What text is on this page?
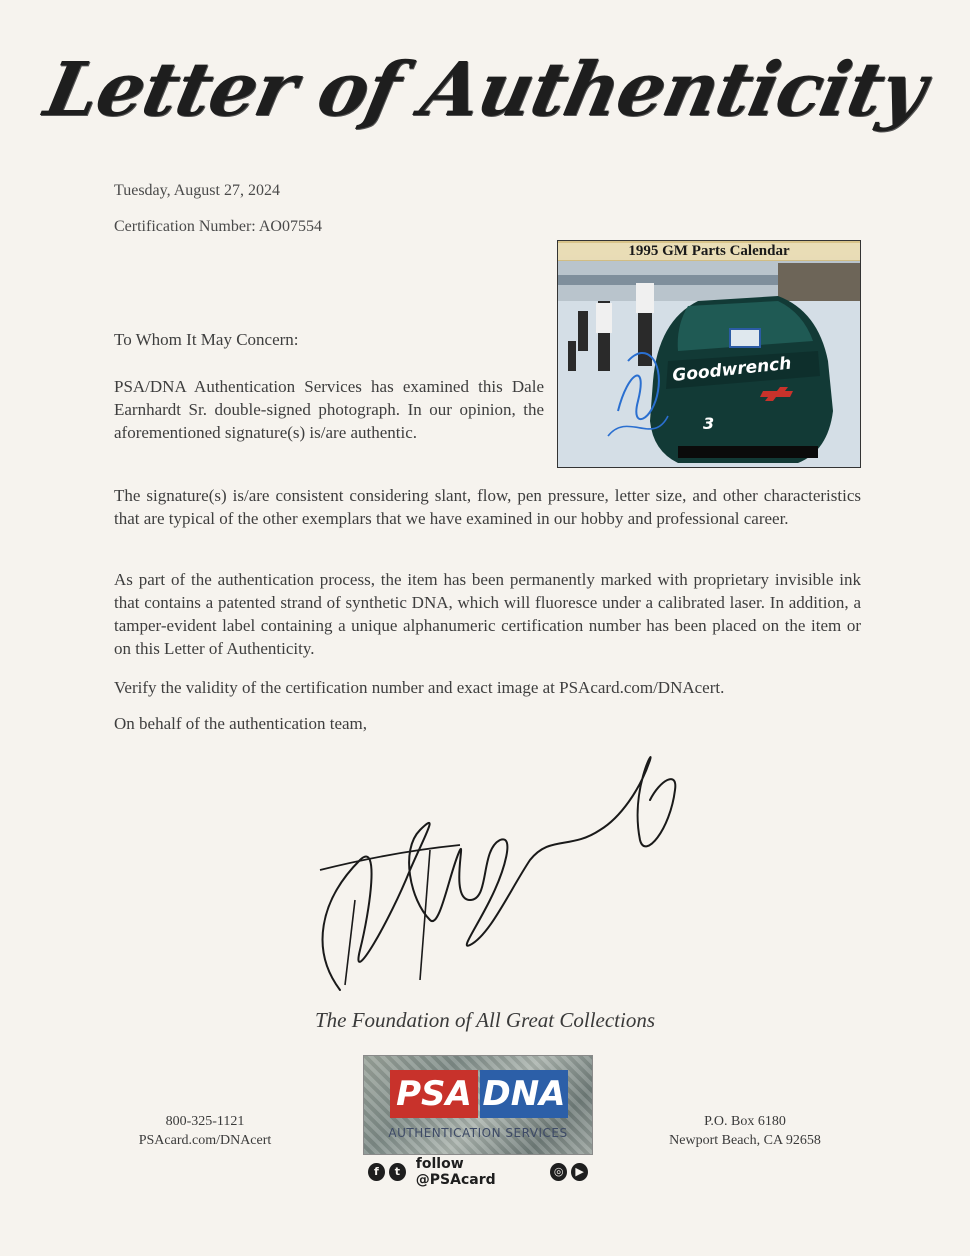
Letter of Authenticity
Tuesday, August 27, 2024
Certification Number: AO07554
Goodwrench
3
1995 GM Parts Calendar
To Whom It May Concern:
PSA/DNA Authentication Services has examined this Dale Earnhardt Sr. double-signed photograph. In our opinion, the aforementioned signature(s) is/are authentic.
The signature(s) is/are consistent considering slant, flow, pen pressure, letter size, and other characteristics that are typical of the other exemplars that we have examined in our hobby and professional career.
As part of the authentication process, the item has been permanently marked with proprietary invisible ink that contains a patented strand of synthetic DNA, which will fluoresce under a calibrated laser. In addition, a tamper-evident label containing a unique alphanumeric certification number has been placed on the item or on this Letter of Authenticity.
Verify the validity of the certification number and exact image at PSAcard.com/DNAcert.
On behalf of the authentication team,
The Foundation of All Great Collections
PSA DNA
AUTHENTICATION SERVICES
f	t	follow @PSAcard
◎	▶
800-325-1121
PSAcard.com/DNAcert
P.O. Box 6180
Newport Beach, CA 92658
